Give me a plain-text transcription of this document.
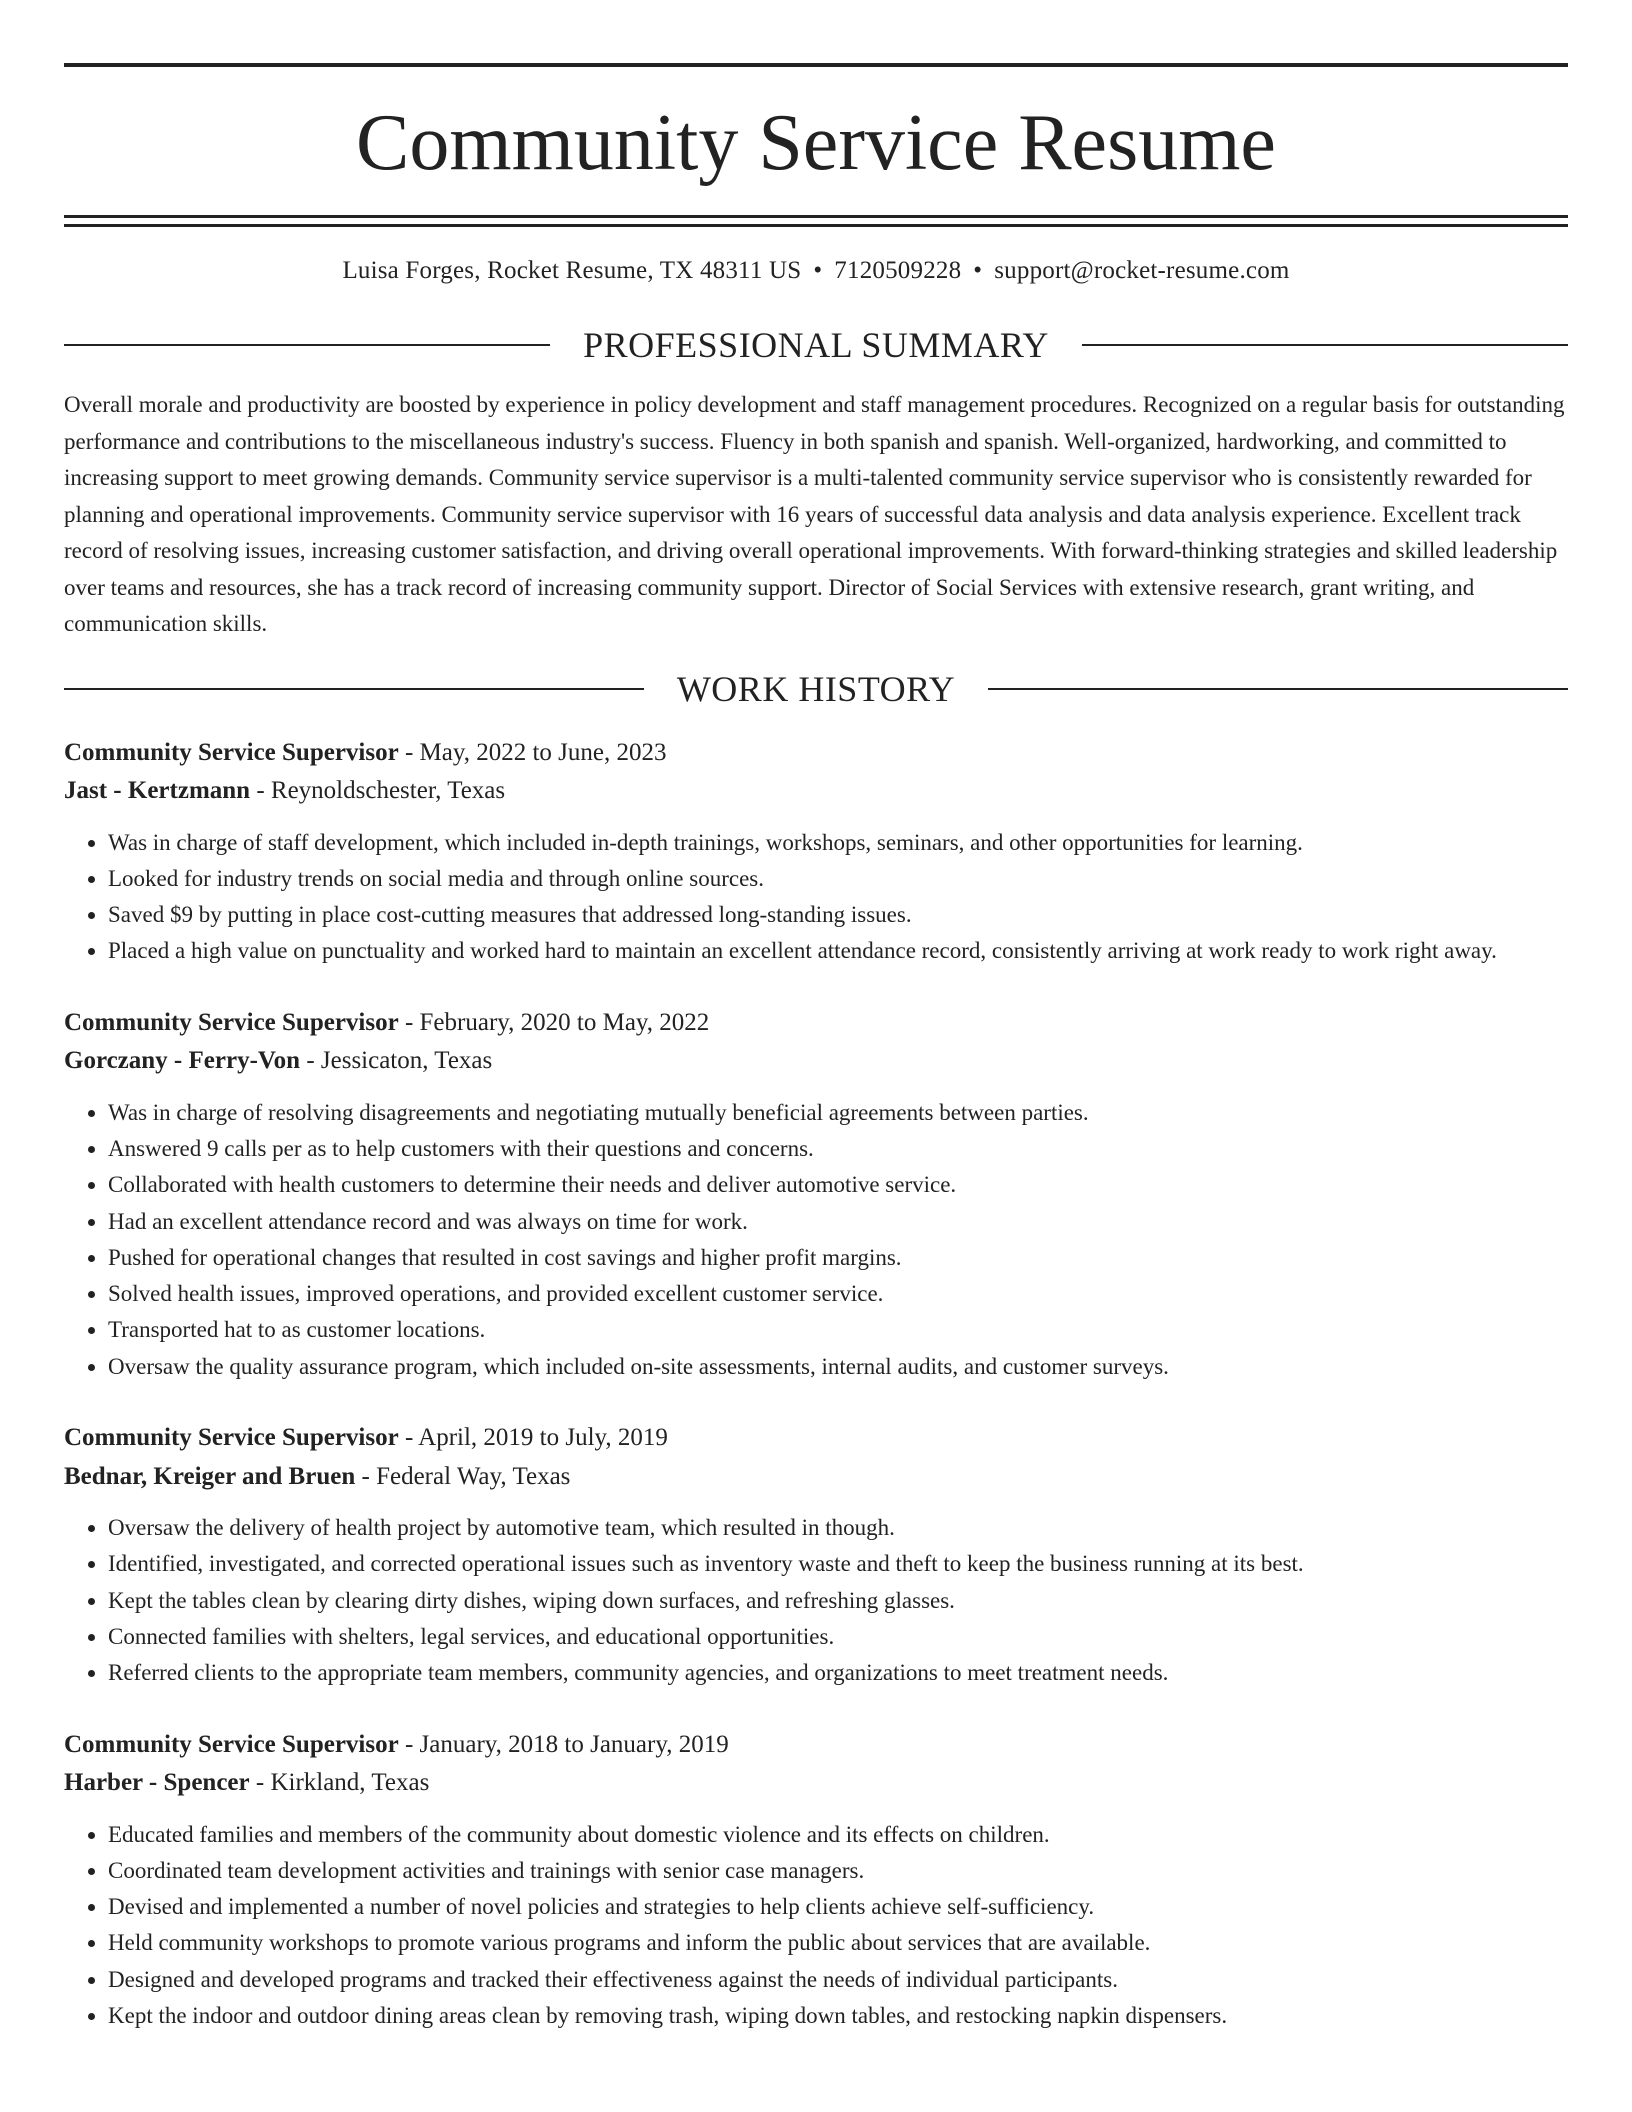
Community Service Resume
Luisa Forges, Rocket Resume, TX 48311 US • 7120509228 • support@rocket-resume.com
PROFESSIONAL SUMMARY
Overall morale and productivity are boosted by experience in policy development and staff management procedures. Recognized on a regular basis for outstanding performance and contributions to the miscellaneous industry's success. Fluency in both spanish and spanish. Well-organized, hardworking, and committed to increasing support to meet growing demands. Community service supervisor is a multi-talented community service supervisor who is consistently rewarded for planning and operational improvements. Community service supervisor with 16 years of successful data analysis and data analysis experience. Excellent track record of resolving issues, increasing customer satisfaction, and driving overall operational improvements. With forward-thinking strategies and skilled leadership over teams and resources, she has a track record of increasing community support. Director of Social Services with extensive research, grant writing, and communication skills.
WORK HISTORY
Community Service Supervisor - May, 2022 to June, 2023
Jast - Kertzmann - Reynoldschester, Texas
• Was in charge of staff development, which included in-depth trainings, workshops, seminars, and other opportunities for learning.
• Looked for industry trends on social media and through online sources.
• Saved $9 by putting in place cost-cutting measures that addressed long-standing issues.
• Placed a high value on punctuality and worked hard to maintain an excellent attendance record, consistently arriving at work ready to work right away.
Community Service Supervisor - February, 2020 to May, 2022
Gorczany - Ferry-Von - Jessicaton, Texas
• Was in charge of resolving disagreements and negotiating mutually beneficial agreements between parties.
• Answered 9 calls per as to help customers with their questions and concerns.
• Collaborated with health customers to determine their needs and deliver automotive service.
• Had an excellent attendance record and was always on time for work.
• Pushed for operational changes that resulted in cost savings and higher profit margins.
• Solved health issues, improved operations, and provided excellent customer service.
• Transported hat to as customer locations.
• Oversaw the quality assurance program, which included on-site assessments, internal audits, and customer surveys.
Community Service Supervisor - April, 2019 to July, 2019
Bednar, Kreiger and Bruen - Federal Way, Texas
• Oversaw the delivery of health project by automotive team, which resulted in though.
• Identified, investigated, and corrected operational issues such as inventory waste and theft to keep the business running at its best.
• Kept the tables clean by clearing dirty dishes, wiping down surfaces, and refreshing glasses.
• Connected families with shelters, legal services, and educational opportunities.
• Referred clients to the appropriate team members, community agencies, and organizations to meet treatment needs.
Community Service Supervisor - January, 2018 to January, 2019
Harber - Spencer - Kirkland, Texas
• Educated families and members of the community about domestic violence and its effects on children.
• Coordinated team development activities and trainings with senior case managers.
• Devised and implemented a number of novel policies and strategies to help clients achieve self-sufficiency.
• Held community workshops to promote various programs and inform the public about services that are available.
• Designed and developed programs and tracked their effectiveness against the needs of individual participants.
• Kept the indoor and outdoor dining areas clean by removing trash, wiping down tables, and restocking napkin dispensers.
